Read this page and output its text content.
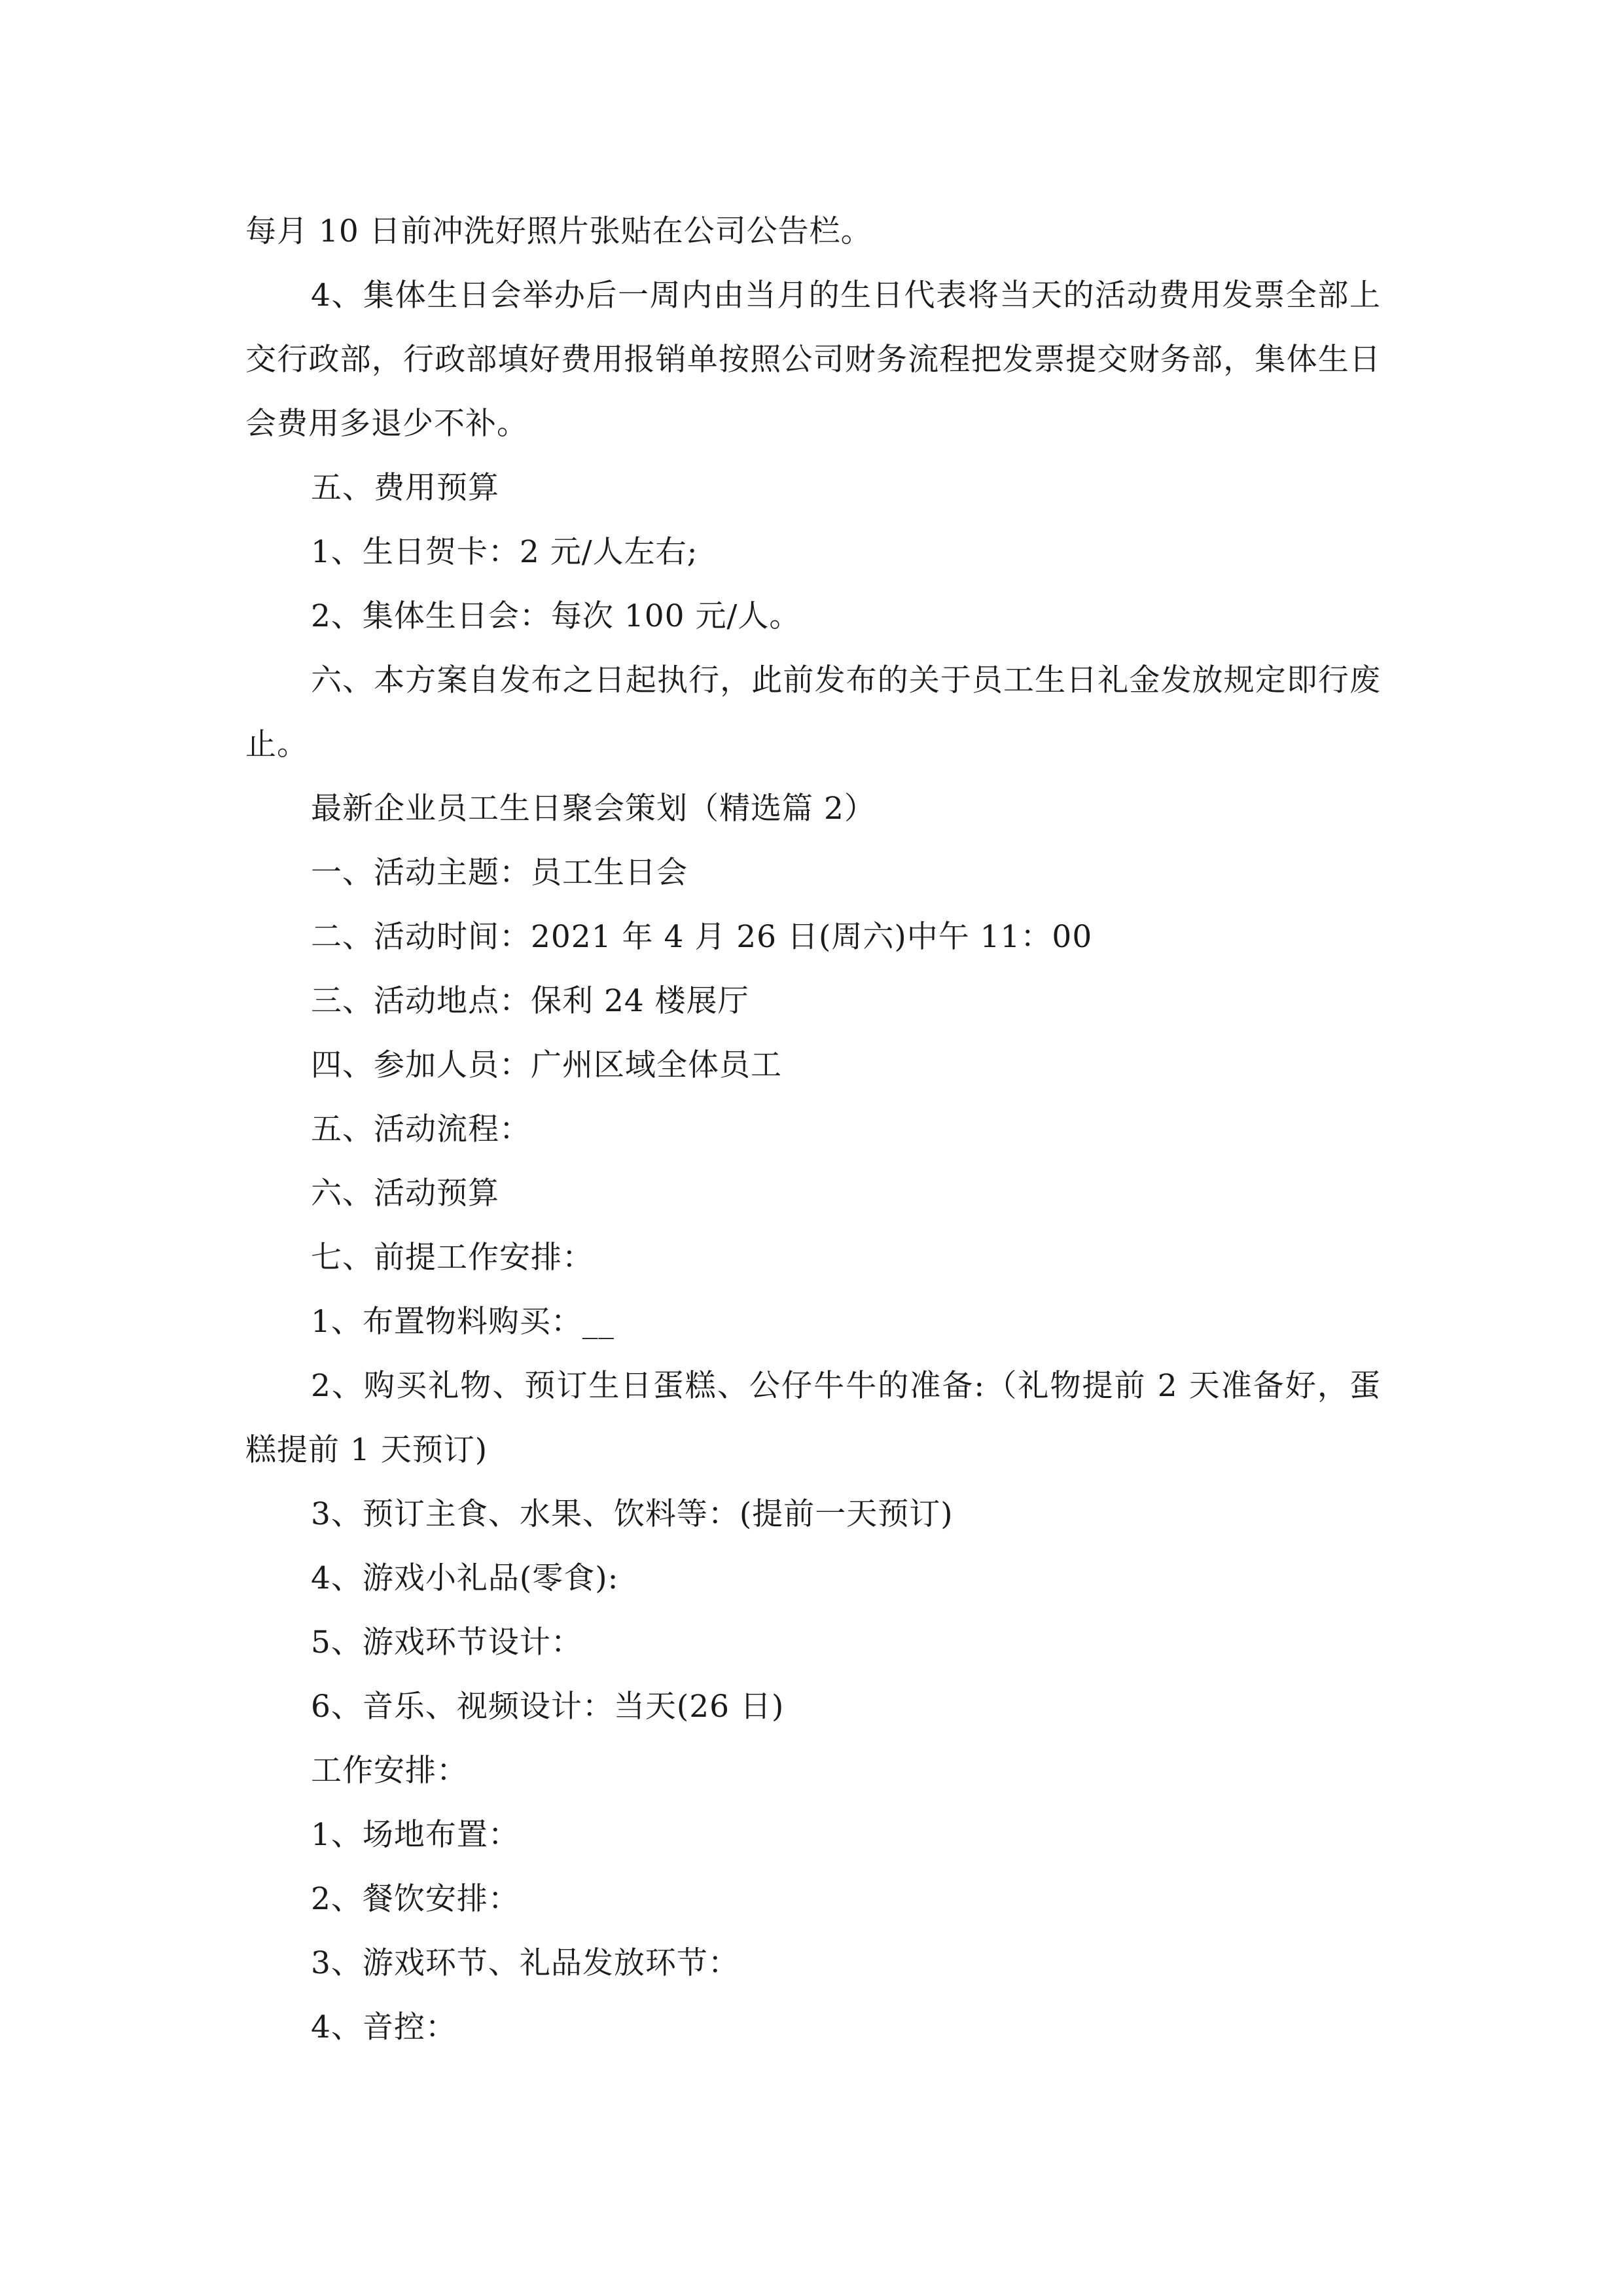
每月 10 日前冲洗好照片张贴在公司公告栏。

4、集体生日会举办后一周内由当月的生日代表将当天的活动费用发票全部上交行政部，行政部填好费用报销单按照公司财务流程把发票提交财务部，集体生日会费用多退少不补。

五、费用预算

1、生日贺卡：2 元/人左右;

2、集体生日会：每次 100 元/人。

六、本方案自发布之日起执行，此前发布的关于员工生日礼金发放规定即行废止。

最新企业员工生日聚会策划（精选篇 2）

一、活动主题：员工生日会

二、活动时间：2021 年 4 月 26 日(周六)中午 11：00

三、活动地点：保利 24 楼展厅

四、参加人员：广州区域全体员工

五、活动流程：

六、活动预算

七、前提工作安排：

1、布置物料购买：__

2、购买礼物、预订生日蛋糕、公仔牛牛的准备:（礼物提前 2 天准备好，蛋糕提前 1 天预订)

3、预订主食、水果、饮料等：(提前一天预订)

4、游戏小礼品(零食):

5、游戏环节设计：

6、音乐、视频设计：当天(26 日)

工作安排：

1、场地布置：

2、餐饮安排：

3、游戏环节、礼品发放环节：

4、音控：
